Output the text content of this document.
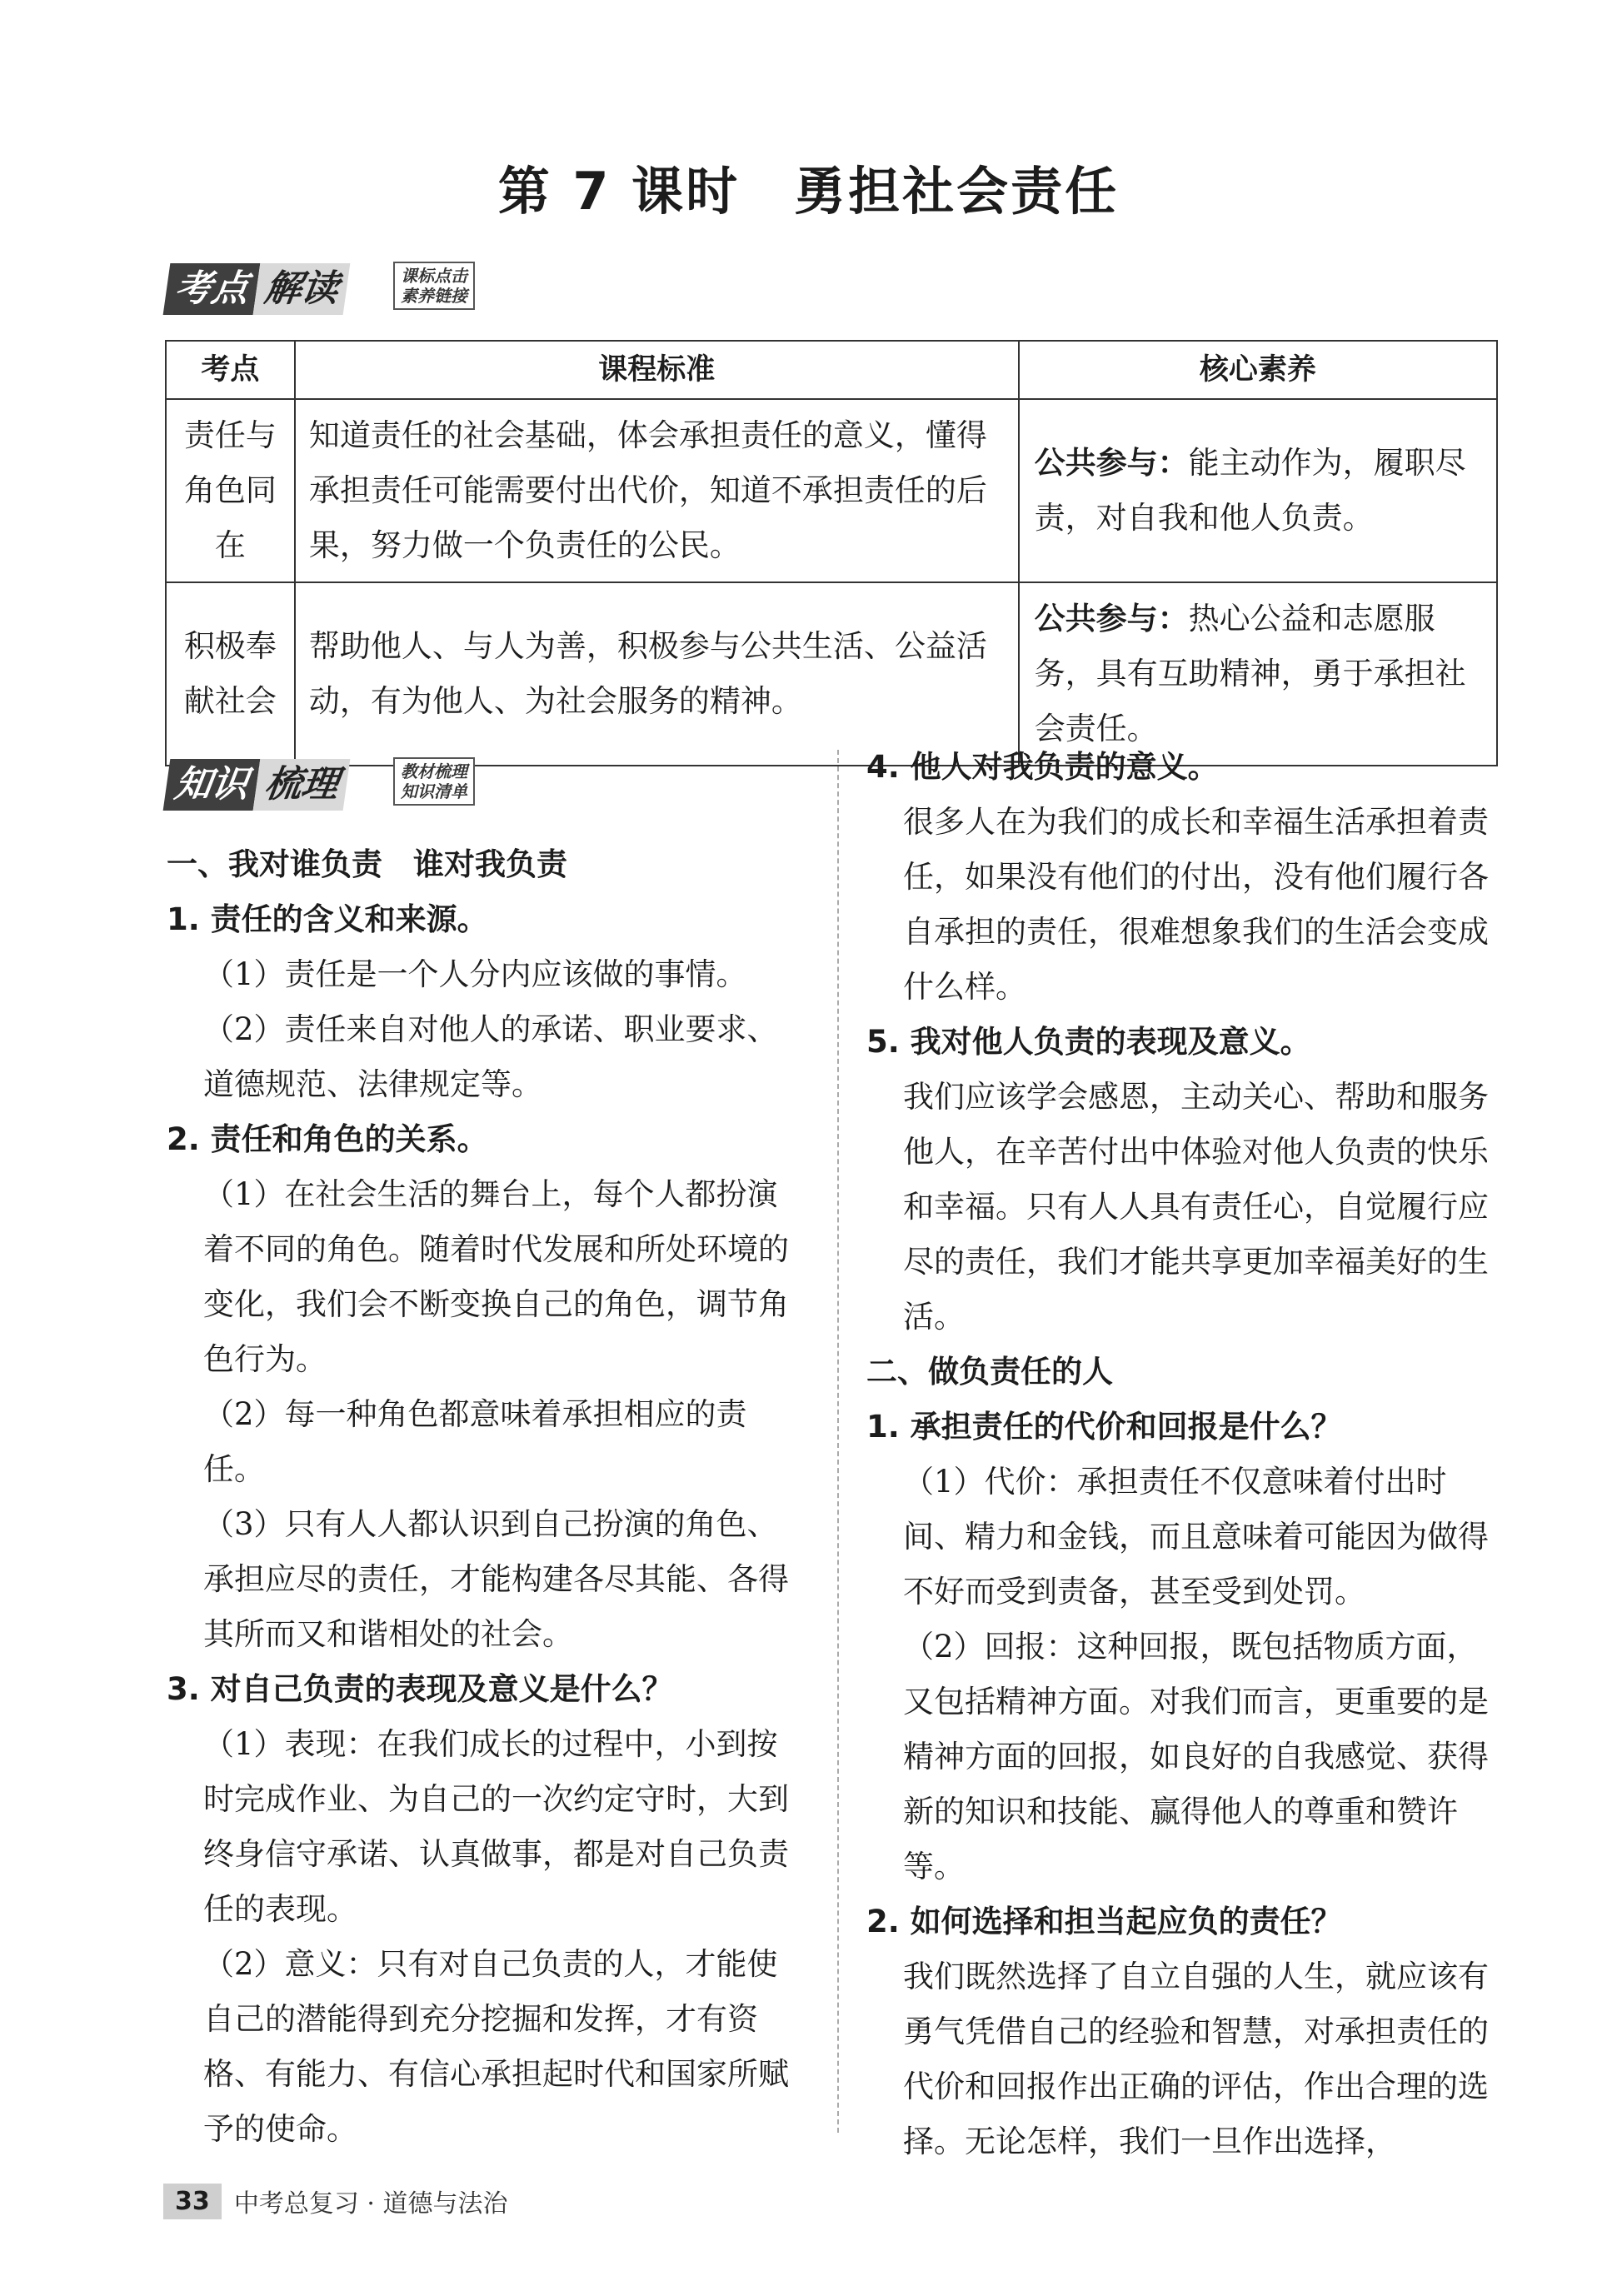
第 7 课时　勇担社会责任
考点 解读	课标点击
素养链接
考点	课程标准	核心素养

责任与
角色同在	知道责任的社会基础，体会承担责任的意义，懂得承担责任可能需要付出代价，知道不承担责任的后果，努力做一个负责任的公民。	公共参与：能主动作为，履职尽责，对自我和他人负责。

积极奉
献社会	帮助他人、与人为善，积极参与公共生活、公益活动，有为他人、为社会服务的精神。	公共参与：热心公益和志愿服务，具有互助精神，勇于承担社会责任。
知识 梳理	教材梳理
知识清单

一、我对谁负责　谁对我负责

1. 责任的含义和来源。

（1）责任是一个人分内应该做的事情。

（2）责任来自对他人的承诺、职业要求、道德规范、法律规定等。

2. 责任和角色的关系。

（1）在社会生活的舞台上，每个人都扮演着不同的角色。随着时代发展和所处环境的变化，我们会不断变换自己的角色，调节角色行为。

（2）每一种角色都意味着承担相应的责任。

（3）只有人人都认识到自己扮演的角色、承担应尽的责任，才能构建各尽其能、各得其所而又和谐相处的社会。

3. 对自己负责的表现及意义是什么？

（1）表现：在我们成长的过程中，小到按时完成作业、为自己的一次约定守时，大到终身信守承诺、认真做事，都是对自己负责任的表现。

（2）意义：只有对自己负责的人，才能使自己的潜能得到充分挖掘和发挥，才有资格、有能力、有信心承担起时代和国家所赋予的使命。

4. 他人对我负责的意义。

很多人在为我们的成长和幸福生活承担着责任，如果没有他们的付出，没有他们履行各自承担的责任，很难想象我们的生活会变成什么样。

5. 我对他人负责的表现及意义。

我们应该学会感恩，主动关心、帮助和服务他人，在辛苦付出中体验对他人负责的快乐和幸福。只有人人具有责任心，自觉履行应尽的责任，我们才能共享更加幸福美好的生活。

二、做负责任的人

1. 承担责任的代价和回报是什么？

（1）代价：承担责任不仅意味着付出时间、精力和金钱，而且意味着可能因为做得不好而受到责备，甚至受到处罚。

（2）回报：这种回报，既包括物质方面，又包括精神方面。对我们而言，更重要的是精神方面的回报，如良好的自我感觉、获得新的知识和技能、赢得他人的尊重和赞许等。

2. 如何选择和担当起应负的责任？

我们既然选择了自立自强的人生，就应该有勇气凭借自己的经验和智慧，对承担责任的代价和回报作出正确的评估，作出合理的选择。无论怎样，我们一旦作出选择，

33 中考总复习 · 道德与法治
